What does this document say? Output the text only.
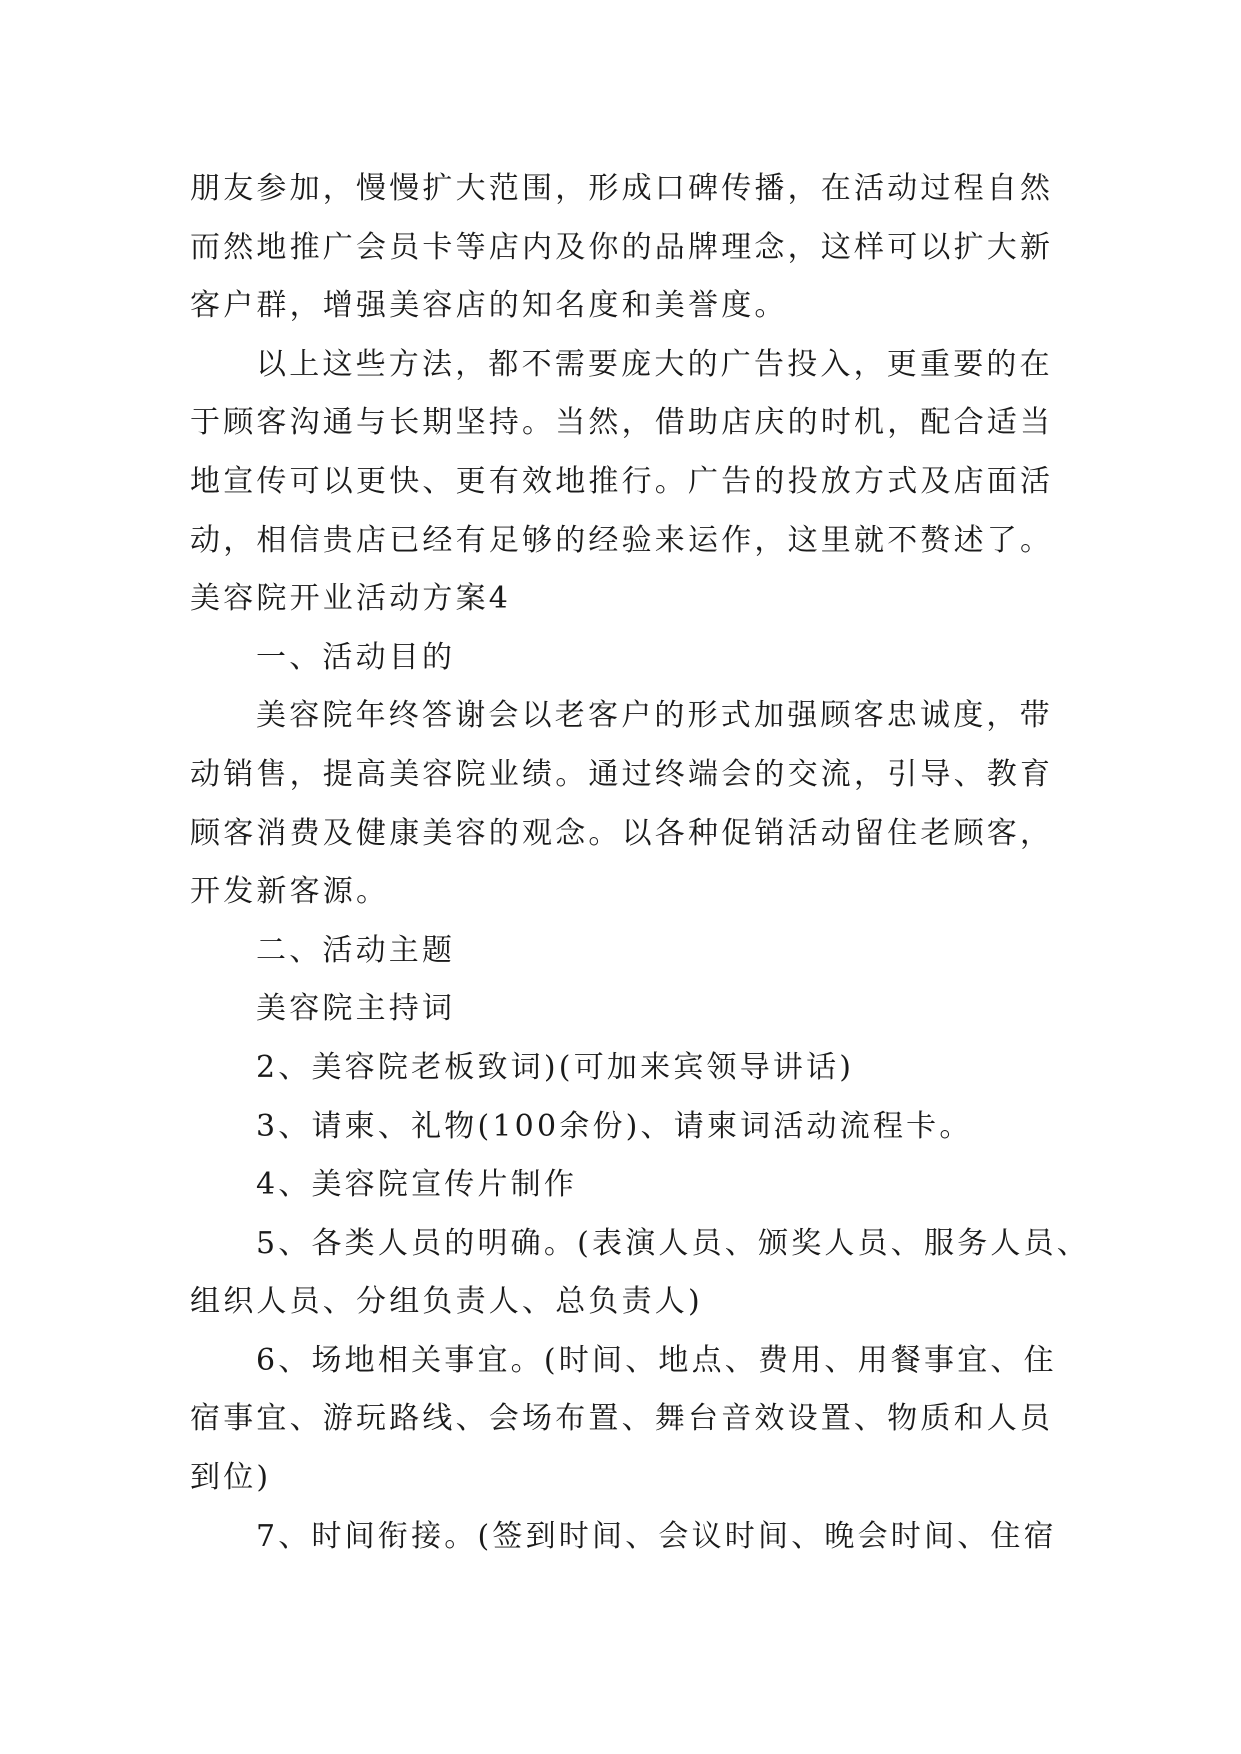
朋友参加，慢慢扩大范围，形成口碑传播，在活动过程自然
而然地推广会员卡等店内及你的品牌理念，这样可以扩大新
客户群，增强美容店的知名度和美誉度。

以上这些方法，都不需要庞大的广告投入，更重要的在
于顾客沟通与长期坚持。当然，借助店庆的时机，配合适当
地宣传可以更快、更有效地推行。广告的投放方式及店面活
动，相信贵店已经有足够的经验来运作，这里就不赘述了。

美容院开业活动方案4

一、活动目的

美容院年终答谢会以老客户的形式加强顾客忠诚度，带
动销售，提高美容院业绩。通过终端会的交流，引导、教育
顾客消费及健康美容的观念。以各种促销活动留住老顾客，
开发新客源。

二、活动主题

美容院主持词

2、美容院老板致词)(可加来宾领导讲话)

3、请柬、礼物(100余份)、请柬词活动流程卡。

4、美容院宣传片制作

5、各类人员的明确。(表演人员、颁奖人员、服务人员、
组织人员、分组负责人、总负责人)

6、场地相关事宜。(时间、地点、费用、用餐事宜、住
宿事宜、游玩路线、会场布置、舞台音效设置、物质和人员
到位)

7、时间衔接。(签到时间、会议时间、晚会时间、住宿
